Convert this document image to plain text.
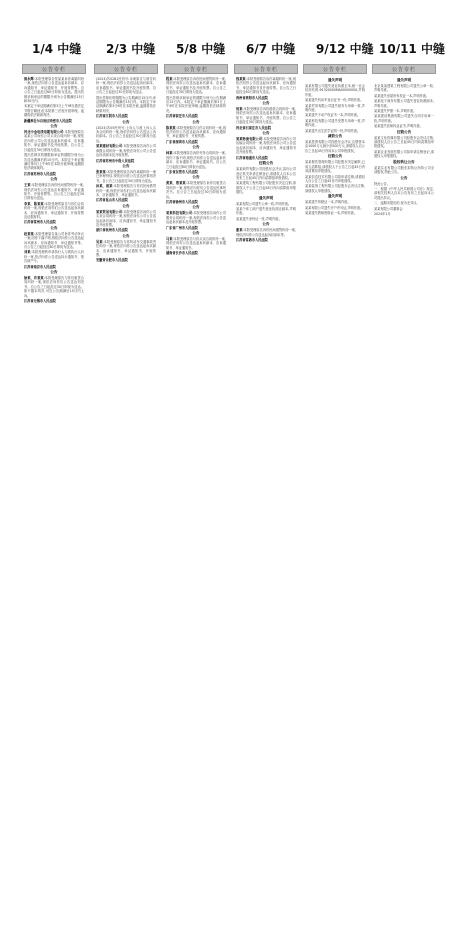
1/4 中缝 2/3 中缝 5/8 中缝 6/7 中缝 9/12 中缝 10/11 中缝
公告专栏
郭永辉:本院受理原告张某某诉你离婚纠纷一案,现依法向你公告送达起诉状副本、应诉通知书、举证通知书、开庭传票等。自公告之日起经过60日即视为送达。提出答辩状和举证的期限分别为公告期满后15日和30日内。
本案定于举证期满后第3日上午9时(遇法定节假日顺延)在本院第三法庭开庭审理。逾期将依法缺席判决。
新疆维吾尔自治区哈密市人民法院
公告
河北中金电线电缆有限公司:本院受理原告某某公司诉你公司买卖合同纠纷一案,现依法向你公司公告送达起诉状副本、应诉通知书、举证通知书及开庭传票。自公告之日起经过30日即视为送达。
提出答辩状的期限和举证的期限分别为公告送达期满后的15日内。本院定于举证期满后第3日上午9时在本院开庭审理,逾期将依法缺席裁判。
江苏省苏州市人民法院
公告
王某:本院受理原告诉你民间借贷纠纷一案,现依法向你公告送达应诉通知书、举证通知书、开庭传票等。自公告之日起经过30日即视为送达。
李某、陈某某:本院受理的原告与你们合同纠纷一案,现依法向你们公告送达起诉状副本、应诉通知书、举证通知书、开庭传票及证据材料。
江苏省常州市人民法院
公告
赵某某:本院受理原告某公司诉你劳动争议一案,因你下落不明,现依法向你公告送达起诉状副本、应诉通知书、举证通知书等。自公告之日起经过60日即视为送达。
刘某:本院受理的申请执行人与被执行人纠纷一案,依法向你公告送达执行通知书、报告财产令。
江苏省南京市人民法院
公告
徐某、许某某:本院受理原告与你们租赁合同纠纷一案,现依法向你们公告送达判决书。自公告之日起经过30日即视为送达。如不服本判决,可在公告期满后15日内上诉。
江苏省无锡市人民法院
公告专栏
(2024)苏0281民初号:本案原告与被告纠纷一案,现依法向你公告送达起诉状副本、应诉通知书、举证通知书及开庭传票。自公告之日起经过30日即视为送达。
提出答辩状的期限为公告期满后15日内,举证期限为公告期满后15日内。本院定于举证期满后第3日9时在本院开庭,逾期将依法缺席判决。
江苏省江阴市人民法院
公告
(2024)苏05民终号:上诉人与被上诉人买卖合同纠纷一案,现依法向你公告送达上诉状副本。自公告之日起经过30日即视为送达。
某某建材有限公司:本院受理原告诉你公司承揽合同纠纷一案,现依法向你公司公告送达诉状副本及开庭传票。
江苏省苏州市中级人民法院
公告
张某某:本院受理的原告诉你离婚纠纷一案已审理终结,现依法向你公告送达民事判决书。自公告之日起经过30日即视为送达。
孙某、周某:本院受理原告与你们民间借贷纠纷一案,现依法向你们公告送达起诉状副本、应诉通知书、举证通知书。
江苏省昆山市人民法院
公告
某某贸易有限公司:本院受理原告诉你公司买卖合同纠纷一案,现依法向你公司公告送达起诉状副本、应诉通知书、举证通知书及开庭传票。
浙江省杭州市人民法院
公告
吴某:本院受理原告与你机动车交通事故责任纠纷一案,现依法向你公告送达起诉状副本、应诉通知书、举证通知书、开庭传票。
安徽省合肥市人民法院
公告专栏
程某:本院受理原告诉你民间借贷纠纷一案,现依法向你公告送达起诉状副本、应诉通知书、举证通知书及开庭传票。自公告之日起经过30日即视为送达。
提出答辩状和举证的期限分别为公告期满后15日内。本院定于举证期满后第3日上午9时在本院开庭审理,逾期将依法缺席判决。
江苏省宿迁市人民法院
公告
陈某某:本院受理原告与你合同纠纷一案,现依法向你公告送达起诉状副本、应诉通知书、举证通知书、开庭传票。
广东省深圳市人民法院
公告
林某:本院受理原告诉你劳务合同纠纷一案,因你下落不明,现依法向你公告送达起诉状副本、应诉通知书、举证通知书。自公告之日起经过60日即视为送达。
广东省东莞市人民法院
公告
黄某、郑某某:本院受理原告诉你们租赁合同纠纷一案,现依法向你们公告送达民事判决书。自公告之日起经过30日即视为送达。
江苏省徐州市人民法院
公告
某某科技有限公司:本院受理原告诉你公司服务合同纠纷一案,现依法向你公司公告送达起诉状副本及开庭传票。
广东省广州市人民法院
公告
马某:本院受理原告与你买卖合同纠纷一案,现依法向你公告送达起诉状副本、应诉通知书、举证通知书。
湖南省长沙市人民法院
公告专栏
钱某某:本院受理原告诉你离婚纠纷一案,现依法向你公告送达起诉状副本、应诉通知书、举证通知书及开庭传票。自公告之日起经过60日即视为送达。
贵州省贵阳市人民法院
公告
何某:本院受理原告诉你借款合同纠纷一案,现依法向你公告送达起诉状副本、应诉通知书、举证通知书、开庭传票。自公告之日起经过30日即视为送达。
河北省石家庄市人民法院
公告
某某物流有限公司:本院受理原告诉你公司运输合同纠纷一案,现依法向你公司公告送达起诉状副本、应诉通知书、举证通知书及开庭传票。
江苏省南通市人民法院
注销公告
某某商贸有限公司经股东会决议,拟向公司登记机关申请注销登记,请债权人自本公告发布之日起45日内向清算组申报债权。
某某建筑工程有限公司经股东决定注销,请债权人于公告之日起45日内向清算组申报债权。
遗失声明
某某有限公司遗失公章一枚,声明作废。
某某个体工商户遗失营业执照正副本,声明作废。
某某遗失身份证一张,声明作废。
公告
谢某:本院受理原告诉你民间借贷纠纷一案,现依法向你公告送达起诉状副本等。
江苏省常熟市人民法院
公告专栏
遗失声明
某某有限公司遗失营业执照正本,统一社会信用代码:91320000MA0000000X,声明作废。
某某遗失机动车登记证书一份,声明作废。
某某贸易有限公司遗失财务专用章一枚,声明作废。
某某遗失不动产权证书一本,声明作废。
某某科技有限公司遗失发票专用章一枚,声明作废。
某某遗失出生医学证明一份,声明作废。
减资公告
某某投资有限公司经股东会决议,注册资本由1000万元减少至500万元,请债权人自公告之日起45日内向本公司申报债权。
注销公告
某某餐饮管理有限公司经股东决定解散,已成立清算组,请债权人于公告之日起45日内向清算组申报债权。
某某信息技术有限公司拟申请注销,请债权人自公告之日起45日内申报债权。
某某装饰工程有限公司经股东会决议注销,请债权人申报债权。
遗失声明
某某遗失驾驶证一本,声明作废。
某某有限公司遗失开户许可证,声明作废。
某某遗失教师资格证一本,声明作废。
公告专栏
遗失声明
北京某某建筑工程有限公司遗失公章一枚,声明作废。
某某遗失房屋所有权证一本,声明作废。
某某电子商务有限公司遗失营业执照副本,声明作废。
某某遗失护照一本,声明作废。
某某建设集团有限公司遗失合同专用章一枚,声明作废。
某某遗失医师执业证书,声明作废。
注销公告
某某文化传媒有限公司经股东会决议注销,请债权人自公告之日起45日内向清算组申报债权。
某某农业发展有限公司拟申请注销登记,请债权人申报债权。
股权转让公告
某某实业有限公司股东拟转让所持公司全部股权,特此公告。
公告
特此公告。
一、根据《中华人民共和国公司法》规定,请相关权利人自本公告发布之日起向本公司提出异议。
二、逾期未提出的,视为无异议。
某某有限公司董事会
2024年1月
